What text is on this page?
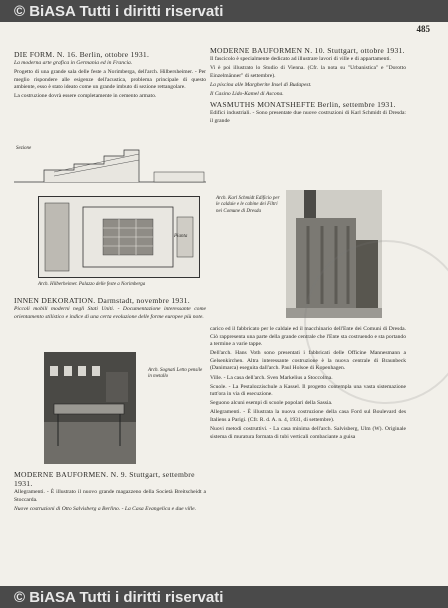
© BiASA Tutti i diritti riservati
485
DIE FORM. N. 16. Berlin, ottobre 1931.

La moderna arte grafica in Germania ed in Francia.

Progetto di una grande sala delle feste a Norimberga, dell'arch. Hilbersheimer. - Per meglio rispondere alle esigenze dell'acustica, problema principale di questo ambiente, esso è stato ideato come un grande imbuto di sezione rettangolare.

La costruzione dovrà essere completamente in cemento armato.

Sezione
Pianta
Arch. Hilberheimer. Palazzo delle feste a Norimberga
INNEN DEKORATION. Darmstadt, novembre 1931.

Piccoli mobili moderni negli Stati Uniti. - Documentazione interessante come orientamento stilistico e indice di una certa evoluzione delle forme europee più note.

Arch. Sognati Letto pensile in metallo
MODERNE BAUFORMEN. N. 9. Stuttgart, settembre 1931.

Allegramenti. - È illustrato il nuovo grande magazzeno della Società Breitscheidt a Stoccarda.

Nuove costruzioni di Otto Salvisberg a Berlino. - La Casa Evangelica e due ville.

MODERNE BAUFORMEN N. 10. Stuttgart, ottobre 1931.

Il fascicolo è specialmente dedicato ad illustrare lavori di ville e di appartamenti.

Vi è poi illustrato lo Studio di Vienna. (Cfr. la nota su "Urbanistica" e "Dorotto Einzelmänner" di settembre).

La piscina alle Margherite Insel di Budapest.

Il Casino Lido-Kamel di Ascona.

WASMUTHS MONATSHEFTE Berlin, settembre 1931.

Edifici industriali. - Sono presentate due nuove costruzioni di Karl Schmidt di Dresda: il grande

Arch. Karl Schmidt Edificio per le caldaie e le cabine dei Filtri nei Comune di Dresda

carico ed il fabbricato per le caldaie ed il macchinario dell'Ente dei Comuni di Dresda. Ciò rappresenta una parte della grande centrale che l'Ente sta costruendo e sta portando a termine a varie tappe.

Dell'arch. Hans Voth sono presentati i fabbricati delle Officine Mannesmann a Gelsenkirchen. Altra interessante costruzione è la nuova centrale di Braunbeck (Danimarca) eseguita dall'arch. Paul Holsoe di Kopenhagen.

Ville. - La casa dell'arch. Sven Markelius a Stoccolma.

Scuole. - La Pestalozzischule a Kassel. Il progetto contempla una vasta sistemazione tutt'ora in via di esecuzione.

Seguono alcuni esempi di scuole popolari della Sassia.

Allegramenti. - È illustrata la nuova costruzione della casa Ford sul Boulevard des Italiens a Parigi. (Cfr. R. d. A. n. 4, 1931, di settembre).

Nuovi metodi costruttivi. - La casa minima dell'arch. Salvisberg, Ulm (W). Originale sistema di muratura formata di tubi verticali combaciante a guisa

© BiASA Tutti i diritti riservati
